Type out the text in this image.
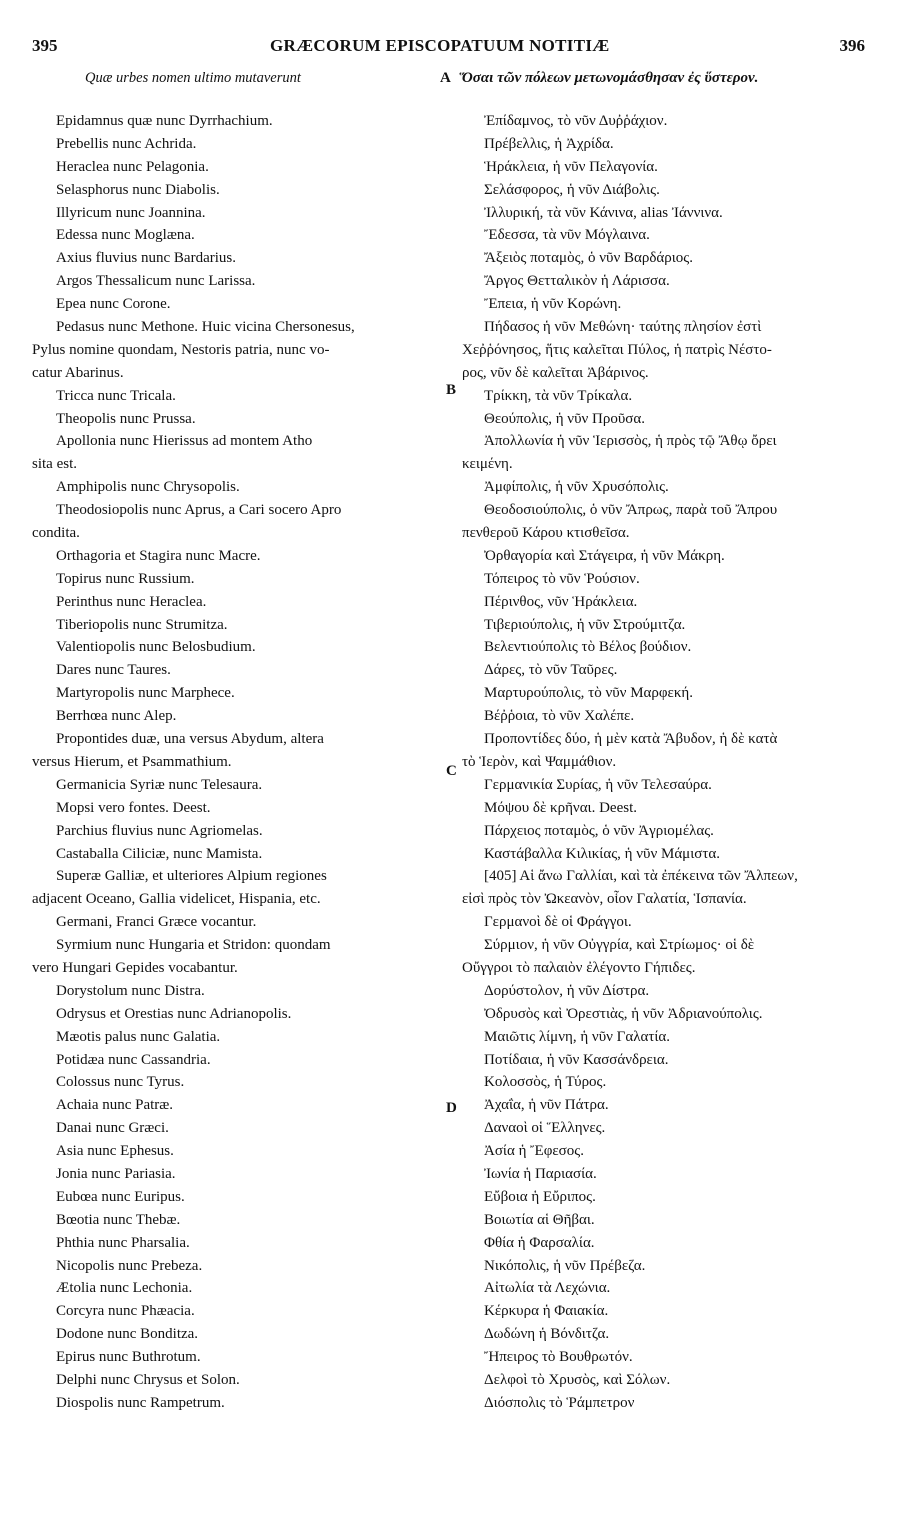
395	GRÆCORUM EPISCOPATUUM NOTITIÆ	396
Quæ urbes nomen ultimo mutaverunt	A Ὅσαι τῶν πόλεων μετωνομάσθησαν ἐς ὕστερον.
B
C
D
Epidamnus quæ nunc Dyrrhachium.
Prebellis nunc Achrida.
Heraclea nunc Pelagonia.
Selasphorus nunc Diabolis.
Illyricum nunc Joannina.
Edessa nunc Moglæna.
Axius fluvius nunc Bardarius.
Argos Thessalicum nunc Larissa.
Epea nunc Corone.
Pedasus nunc Methone. Huic vicina Chersonesus,
Pylus nomine quondam, Nestoris patria, nunc vo-
catur Abarinus.
Tricca nunc Tricala.
Theopolis nunc Prussa.
Apollonia nunc Hierissus ad montem Atho
sita est.
Amphipolis nunc Chrysopolis.
Theodosiopolis nunc Aprus, a Cari socero Apro
condita.
Orthagoria et Stagira nunc Macre.
Topirus nunc Russium.
Perinthus nunc Heraclea.
Tiberiopolis nunc Strumitza.
Valentiopolis nunc Belosbudium.
Dares nunc Taures.
Martyropolis nunc Marphece.
Berrhœa nunc Alep.
Propontides duæ, una versus Abydum, altera
versus Hierum, et Psammathium.
Germanicia Syriæ nunc Telesaura.
Mopsi vero fontes. Deest.
Parchius fluvius nunc Agriomelas.
Castaballa Ciliciæ, nunc Mamista.
Superæ Galliæ, et ulteriores Alpium regiones
adjacent Oceano, Gallia videlicet, Hispania, etc.
Germani, Franci Græce vocantur.
Syrmium nunc Hungaria et Stridon: quondam
vero Hungari Gepides vocabantur.
Dorystolum nunc Distra.
Odrysus et Orestias nunc Adrianopolis.
Mæotis palus nunc Galatia.
Potidæa nunc Cassandria.
Colossus nunc Tyrus.
Achaia nunc Patræ.
Danai nunc Græci.
Asia nunc Ephesus.
Jonia nunc Pariasia.
Eubœa nunc Euripus.
Bœotia nunc Thebæ.
Phthia nunc Pharsalia.
Nicopolis nunc Prebeza.
Ætolia nunc Lechonia.
Corcyra nunc Phæacia.
Dodone nunc Bonditza.
Epirus nunc Buthrotum.
Delphi nunc Chrysus et Solon.
Diospolis nunc Rampetrum.
Ἐπίδαμνος, τὸ νῦν Δυῤῥάχιον.
Πρέβελλις, ἡ Ἀχρίδα.
Ἡράκλεια, ἡ νῦν Πελαγονία.
Σελάσφορος, ἡ νῦν Διάβολις.
Ἰλλυρική, τὰ νῦν Κάνινα, alias Ἰάννινα.
Ἔδεσσα, τὰ νῦν Μόγλαινα.
Ἄξειὸς ποταμὸς, ὁ νῦν Βαρδάριος.
Ἄργος Θετταλικὸν ἡ Λάρισσα.
Ἔπεια, ἡ νῦν Κορώνη.
Πήδασος ἡ νῦν Μεθώνη· ταύτης πλησίον ἐστὶ
Χεῤῥόνησος, ἥτις καλεῖται Πύλος, ἡ πατρὶς Νέστο-
ρος, νῦν δὲ καλεῖται Ἀβάρινος.
Τρίκκη, τὰ νῦν Τρίκαλα.
Θεούπολις, ἡ νῦν Προῦσα.
Ἀπολλωνία ἡ νῦν Ἱερισσὸς, ἡ πρὸς τῷ Ἄθῳ ὄρει
κειμένη.
Ἀμφίπολις, ἡ νῦν Χρυσόπολις.
Θεοδοσιούπολις, ὁ νῦν Ἄπρως, παρὰ τοῦ Ἄπρου
πενθεροῦ Κάρου κτισθεῖσα.
Ὀρθαγορία καὶ Στάγειρα, ἡ νῦν Μάκρη.
Τόπειρος τὸ νῦν Ῥούσιον.
Πέρινθος, νῦν Ἡράκλεια.
Τιβεριούπολις, ἡ νῦν Στρούμιτζα.
Βελεντιούπολις τὸ Βέλος βούδιον.
Δάρες, τὸ νῦν Ταῦρες.
Μαρτυρούπολις, τὸ νῦν Μαρφεκή.
Βέῤῥοια, τὸ νῦν Χαλέπε.
Προποντίδες δύο, ἡ μὲν κατὰ Ἄβυδον, ἡ δὲ κατὰ
τὸ Ἱερὸν, καὶ Ψαμμάθιον.
Γερμανικία Συρίας, ἡ νῦν Τελεσαύρα.
Μόψου δὲ κρῆναι. Deest.
Πάρχειος ποταμὸς, ὁ νῦν Ἀγριομέλας.
Καστάβαλλα Κιλικίας, ἡ νῦν Μάμιστα.
[405] Αἱ ἄνω Γαλλίαι, καὶ τὰ ἐπέκεινα τῶν Ἄλπεων,
εἰσὶ πρὸς τὸν Ὠκεανὸν, οἷον Γαλατία, Ἱσπανία.
Γερμανοὶ δὲ οἱ Φράγγοι.
Σύρμιον, ἡ νῦν Οὐγγρία, καὶ Στρίωμος· οἱ δὲ
Οὔγγροι τὸ παλαιὸν ἐλέγοντο Γήπιδες.
Δορύστολον, ἡ νῦν Δίστρα.
Ὀδρυσὸς καὶ Ὀρεστιὰς, ἡ νῦν Ἀδριανούπολις.
Μαιῶτις λίμνη, ἡ νῦν Γαλατία.
Ποτίδαια, ἡ νῦν Κασσάνδρεια.
Κολοσσὸς, ἡ Τύρος.
Ἀχαΐα, ἡ νῦν Πάτρα.
Δαναοὶ οἱ Ἕλληνες.
Ἀσία ἡ Ἔφεσος.
Ἰωνία ἡ Παριασία.
Εὔβοια ἡ Εὔριπος.
Βοιωτία αἱ Θῆβαι.
Φθία ἡ Φαρσαλία.
Νικόπολις, ἡ νῦν Πρέβεζα.
Αἰτωλία τὰ Λεχώνια.
Κέρκυρα ἡ Φαιακία.
Δωδώνη ἡ Βόνδιτζα.
Ἤπειρος τὸ Βουθρωτόν.
Δελφοὶ τὸ Χρυσὸς, καὶ Σόλων.
Διόσπολις τὸ Ῥάμπετρον
